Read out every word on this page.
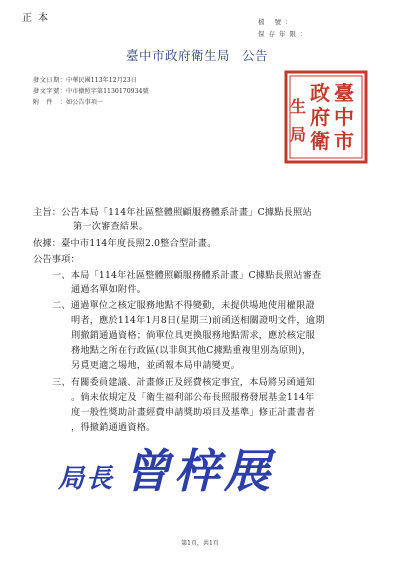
正本	檔 號：
保存年限：
臺中市政府衛生局 公告
發文日期：中華民國113年12月23日
發文字號：中市衛照字第1130170934號
附件：如公告事項一	臺
中
市
政
府
衛
生
局
主旨：公告本局「114年社區整體照顧服務體系計畫」C據點長照站
第一次審查結果。
依據：臺中市114年度長照2.0整合型計畫。
公告事項：
一、本局「114年社區整體照顧服務體系計畫」C據點長照站審查
通過名單如附件。
二、通過單位之核定服務地點不得變動，未提供場地使用權限證
明者，應於114年1月8日(星期三)前函送相關證明文件，逾期
則撤銷通過資格；倘單位具更換服務地點需求，應於核定服
務地點之所在行政區(以非與其他C據點重複里別為原則)，
另覓更適之場地，並函報本局申請變更。
三、有關委員建議、計畫修正及經費核定事宜，本局將另函通知
。倘未依規定及「衛生福利部公布長照服務發展基金114年
度一般性獎助計畫經費申請獎助項目及基準」修正計畫書者
，得撤銷通過資格。
局長 曾梓展
第1頁，共1頁
